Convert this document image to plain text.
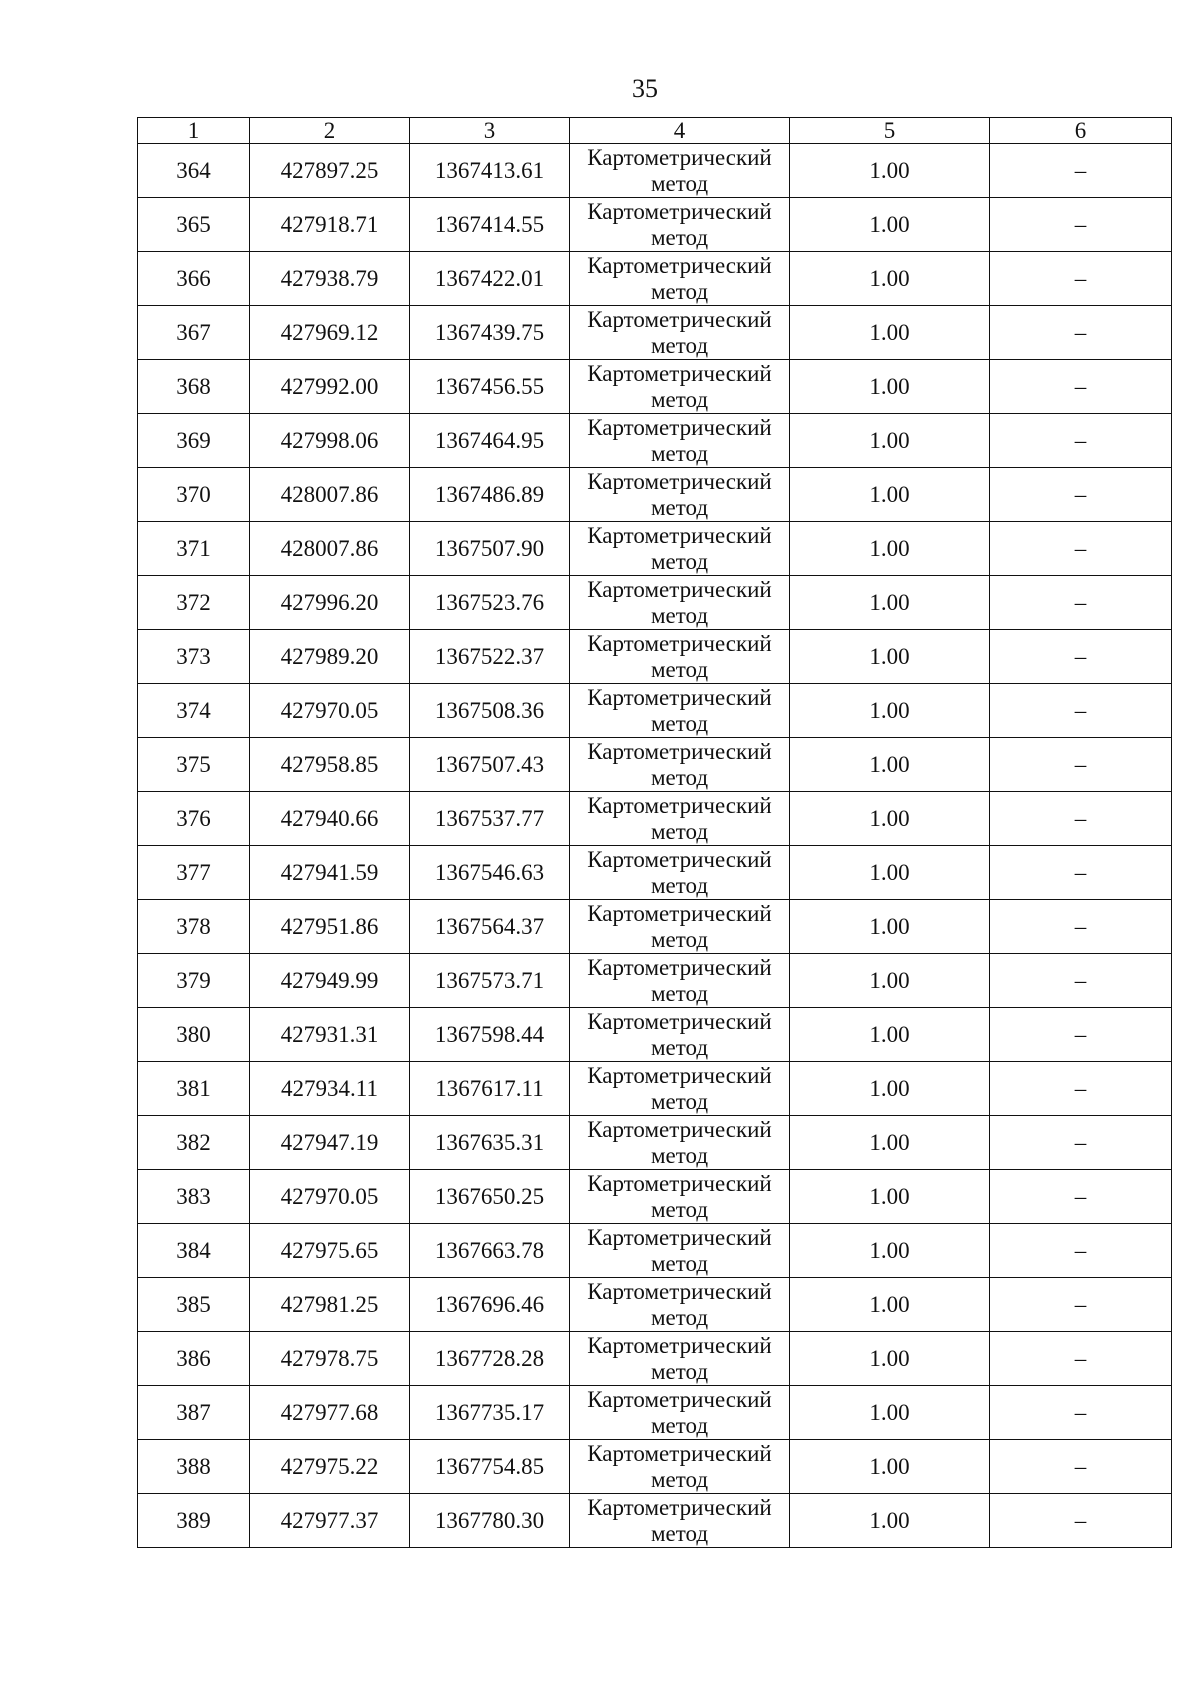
35
1	2	3	4	5	6
364	427897.25	1367413.61	Картометрический метод	1.00	–
365	427918.71	1367414.55	Картометрический метод	1.00	–
366	427938.79	1367422.01	Картометрический метод	1.00	–
367	427969.12	1367439.75	Картометрический метод	1.00	–
368	427992.00	1367456.55	Картометрический метод	1.00	–
369	427998.06	1367464.95	Картометрический метод	1.00	–
370	428007.86	1367486.89	Картометрический метод	1.00	–
371	428007.86	1367507.90	Картометрический метод	1.00	–
372	427996.20	1367523.76	Картометрический метод	1.00	–
373	427989.20	1367522.37	Картометрический метод	1.00	–
374	427970.05	1367508.36	Картометрический метод	1.00	–
375	427958.85	1367507.43	Картометрический метод	1.00	–
376	427940.66	1367537.77	Картометрический метод	1.00	–
377	427941.59	1367546.63	Картометрический метод	1.00	–
378	427951.86	1367564.37	Картометрический метод	1.00	–
379	427949.99	1367573.71	Картометрический метод	1.00	–
380	427931.31	1367598.44	Картометрический метод	1.00	–
381	427934.11	1367617.11	Картометрический метод	1.00	–
382	427947.19	1367635.31	Картометрический метод	1.00	–
383	427970.05	1367650.25	Картометрический метод	1.00	–
384	427975.65	1367663.78	Картометрический метод	1.00	–
385	427981.25	1367696.46	Картометрический метод	1.00	–
386	427978.75	1367728.28	Картометрический метод	1.00	–
387	427977.68	1367735.17	Картометрический метод	1.00	–
388	427975.22	1367754.85	Картометрический метод	1.00	–
389	427977.37	1367780.30	Картометрический метод	1.00	–
